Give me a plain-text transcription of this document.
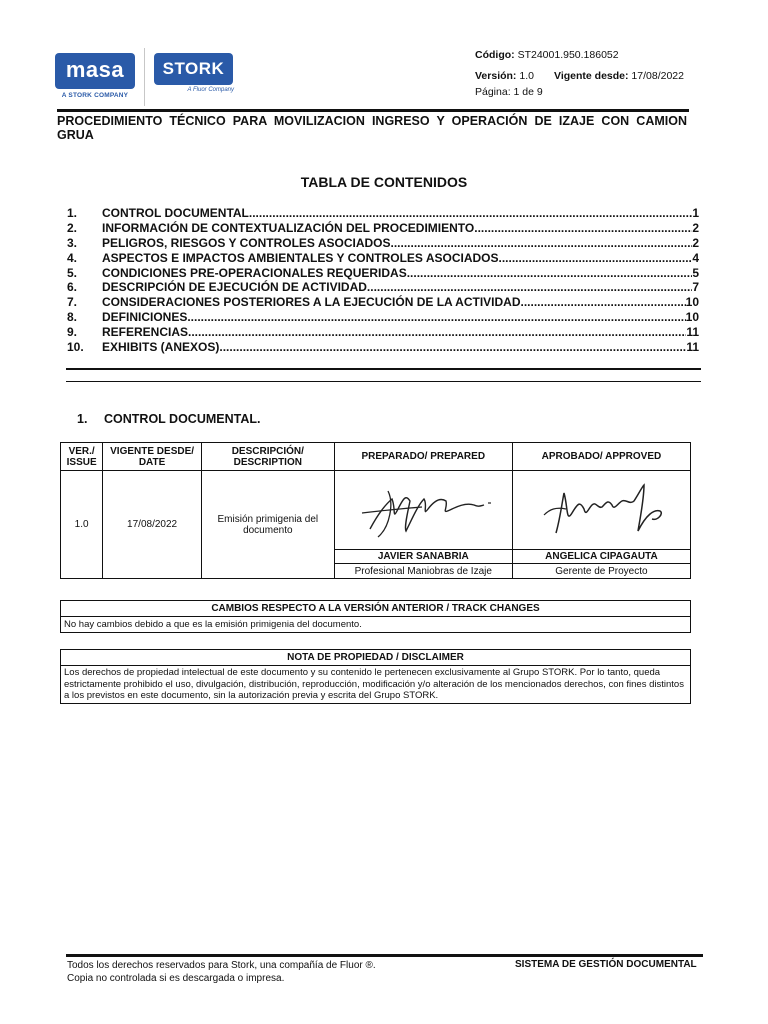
masa
A STORK COMPANY
STORK
A Fluor Company
Código: ST24001.950.186052
Versión: 1.0 Vigente desde: 17/08/2022
Página: 1 de 9
PROCEDIMIENTO TÉCNICO PARA MOVILIZACION INGRESO Y OPERACIÓN DE IZAJE CON CAMION GRUA
TABLA DE CONTENIDOS
1.	CONTROL DOCUMENTAL .....	1
2.	INFORMACIÓN DE CONTEXTUALIZACIÓN DEL PROCEDIMIENTO .....	2
3.	PELIGROS, RIESGOS Y CONTROLES ASOCIADOS .....	2
4.	ASPECTOS E IMPACTOS AMBIENTALES Y CONTROLES ASOCIADOS .....	4
5.	CONDICIONES PRE-OPERACIONALES REQUERIDAS .....	5
6.	DESCRIPCIÓN DE EJECUCIÓN DE ACTIVIDAD. .....	7
7.	CONSIDERACIONES POSTERIORES A LA EJECUCIÓN DE LA ACTIVIDAD. .....	10
8.	DEFINICIONES .....	10
9.	REFERENCIAS .....	11
10.	EXHIBITS (ANEXOS) .....	11
1. CONTROL DOCUMENTAL.
VER./ ISSUE	VIGENTE DESDE/ DATE	DESCRIPCIÓN/ DESCRIPTION	PREPARADO/ PREPARED	APROBADO/ APPROVED
1.0	17/08/2022	Emisión primigenia del documento	

			JAVIER SANABRIA	ANGELICA CIPAGAUTA
			Profesional Maniobras de Izaje	Gerente de Proyecto
CAMBIOS RESPECTO A LA VERSIÓN ANTERIOR / TRACK CHANGES
No hay cambios debido a que es la emisión primigenia del documento.
NOTA DE PROPIEDAD / DISCLAIMER
Los derechos de propiedad intelectual de este documento y su contenido le pertenecen exclusivamente al Grupo STORK. Por lo tanto, queda estrictamente prohibido el uso, divulgación, distribución, reproducción, modificación y/o alteración de los mencionados derechos, con fines distintos a los previstos en este documento, sin la autorización previa y escrita del Grupo STORK.
Todos los derechos reservados para Stork, una compañía de Fluor ®.
Copia no controlada si es descargada o impresa.
SISTEMA DE GESTIÓN DOCUMENTAL
